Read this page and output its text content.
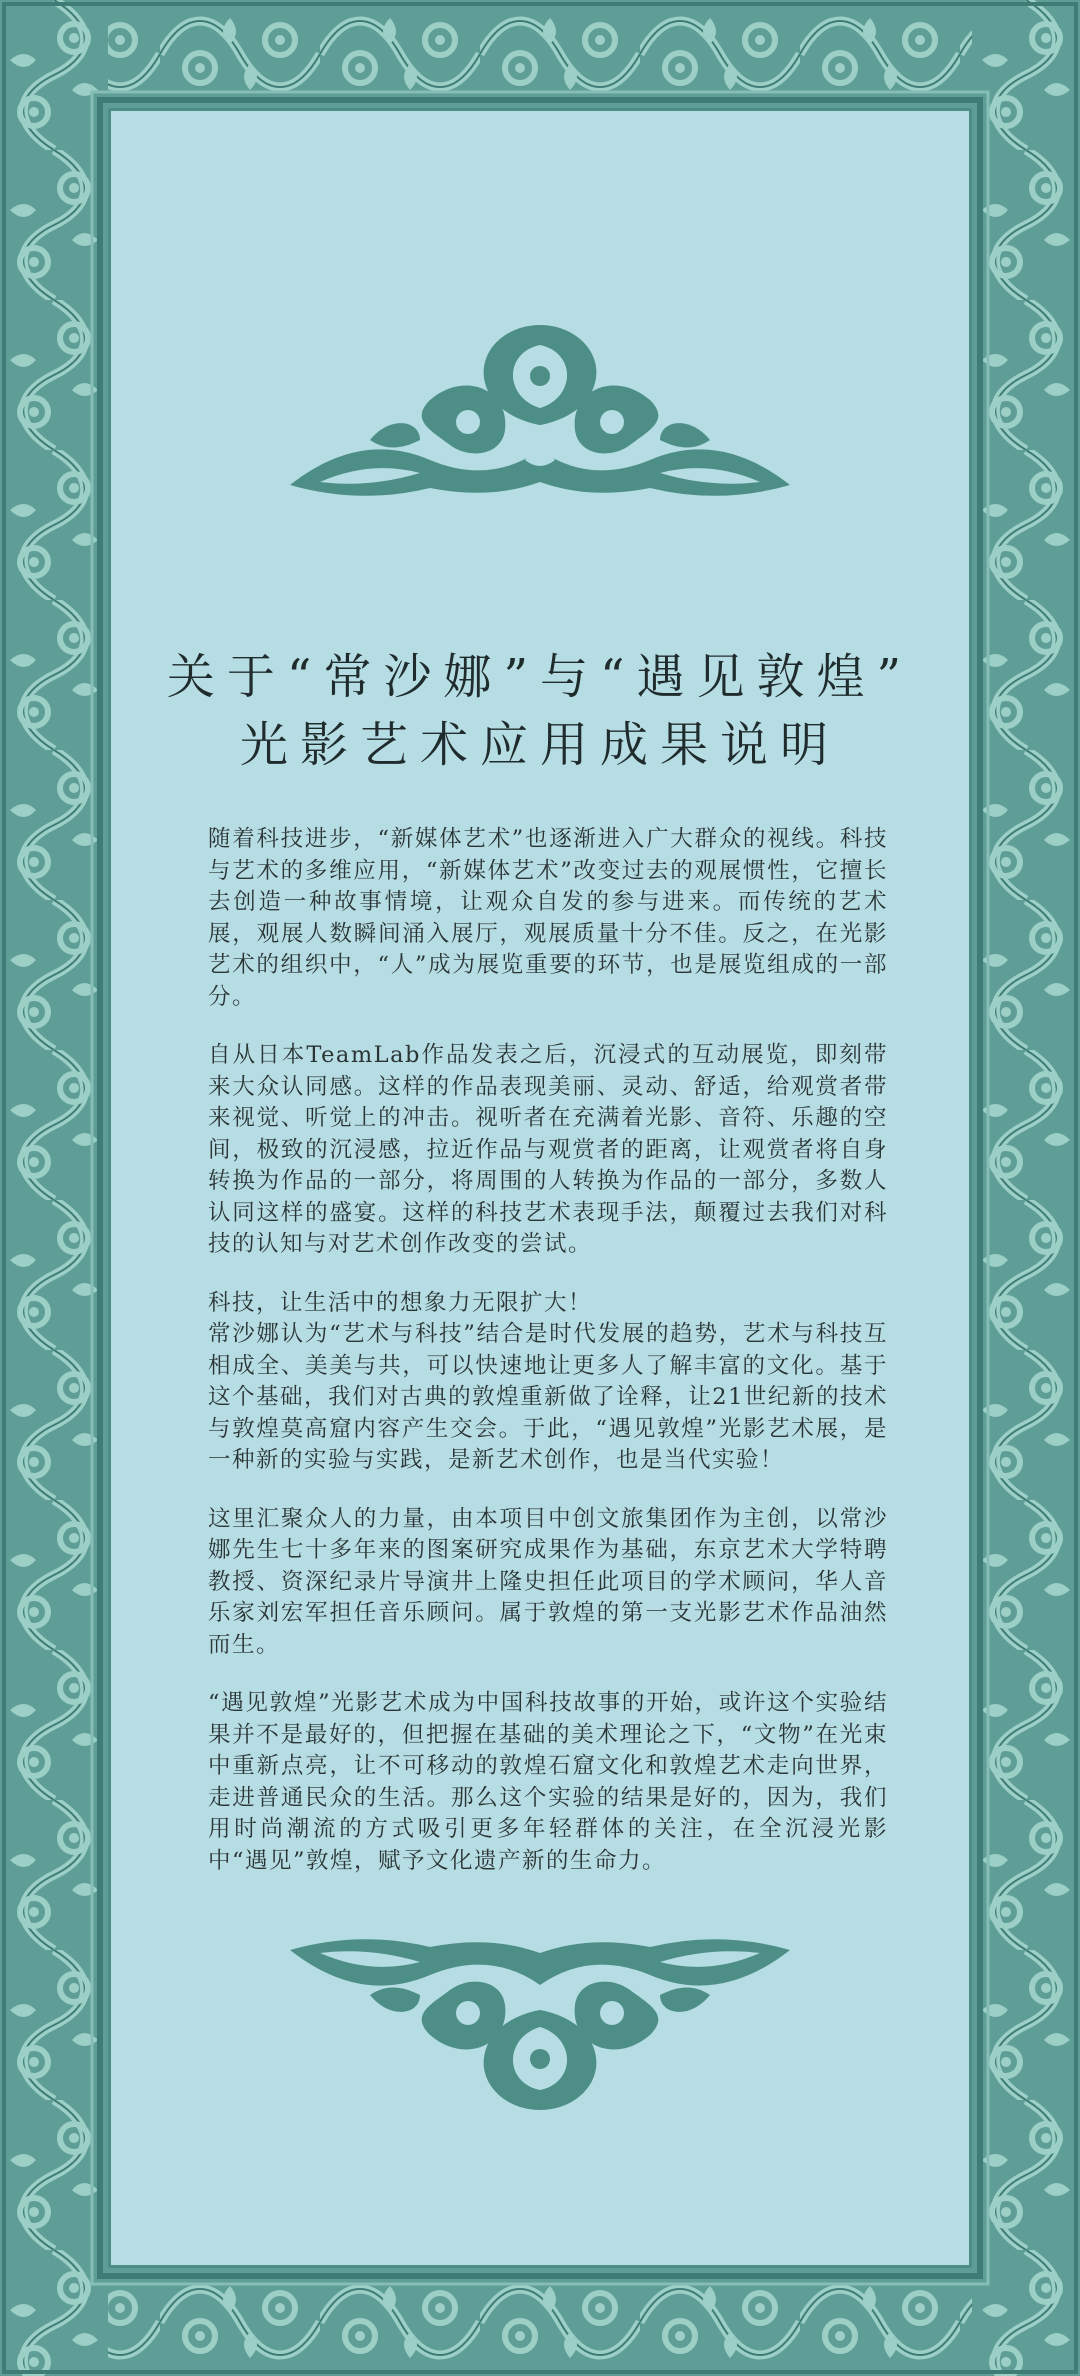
关于“常沙娜”与“遇见敦煌”
光影艺术应用成果说明

随着科技进步，“新媒体艺术”也逐渐进入广大群众的视线。科技与艺术的多维应用，“新媒体艺术”改变过去的观展惯性，它擅长去创造一种故事情境，让观众自发的参与进来。而传统的艺术展，观展人数瞬间涌入展厅，观展质量十分不佳。反之，在光影艺术的组织中，“人”成为展览重要的环节，也是展览组成的一部分。

自从日本TeamLab作品发表之后，沉浸式的互动展览，即刻带来大众认同感。这样的作品表现美丽、灵动、舒适，给观赏者带来视觉、听觉上的冲击。视听者在充满着光影、音符、乐趣的空间，极致的沉浸感，拉近作品与观赏者的距离，让观赏者将自身转换为作品的一部分，将周围的人转换为作品的一部分，多数人认同这样的盛宴。这样的科技艺术表现手法，颠覆过去我们对科技的认知与对艺术创作改变的尝试。

科技，让生活中的想象力无限扩大！
常沙娜认为“艺术与科技”结合是时代发展的趋势，艺术与科技互相成全、美美与共，可以快速地让更多人了解丰富的文化。基于这个基础，我们对古典的敦煌重新做了诠释，让21世纪新的技术与敦煌莫高窟内容产生交会。于此，“遇见敦煌”光影艺术展，是一种新的实验与实践，是新艺术创作，也是当代实验！

这里汇聚众人的力量，由本项目中创文旅集团作为主创，以常沙娜先生七十多年来的图案研究成果作为基础，东京艺术大学特聘教授、资深纪录片导演井上隆史担任此项目的学术顾问，华人音乐家刘宏军担任音乐顾问。属于敦煌的第一支光影艺术作品油然而生。

“遇见敦煌”光影艺术成为中国科技故事的开始，或许这个实验结果并不是最好的，但把握在基础的美术理论之下，“文物”在光束中重新点亮，让不可移动的敦煌石窟文化和敦煌艺术走向世界，走进普通民众的生活。那么这个实验的结果是好的，因为，我们用时尚潮流的方式吸引更多年轻群体的关注，在全沉浸光影中“遇见”敦煌，赋予文化遗产新的生命力。
